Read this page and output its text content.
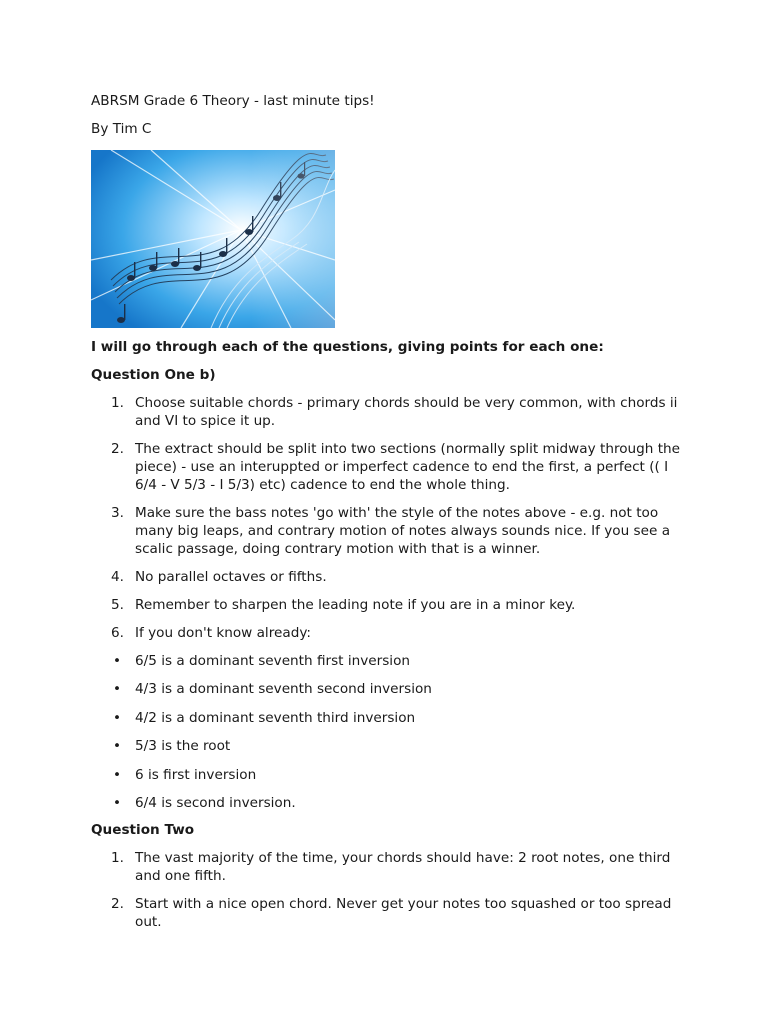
ABRSM Grade 6 Theory - last minute tips!
By Tim C
I will go through each of the questions, giving points for each one:
Question One b)
1. Choose suitable chords - primary chords should be very common, with chords ii and VI to spice it up.
2. The extract should be split into two sections (normally split midway through the piece) - use an interuppted or imperfect cadence to end the first, a perfect (( I 6/4 - V 5/3 - I 5/3) etc) cadence to end the whole thing.
3. Make sure the bass notes 'go with' the style of the notes above - e.g. not too many big leaps, and contrary motion of notes always sounds nice. If you see a scalic passage, doing contrary motion with that is a winner.
4. No parallel octaves or fifths.
5. Remember to sharpen the leading note if you are in a minor key.
6. If you don't know already:
• 6/5 is a dominant seventh first inversion
• 4/3 is a dominant seventh second inversion
• 4/2 is a dominant seventh third inversion
• 5/3 is the root
• 6 is first inversion
• 6/4 is second inversion.
Question Two
1. The vast majority of the time, your chords should have: 2 root notes, one third and one fifth.
2. Start with a nice open chord. Never get your notes too squashed or too spread out.
